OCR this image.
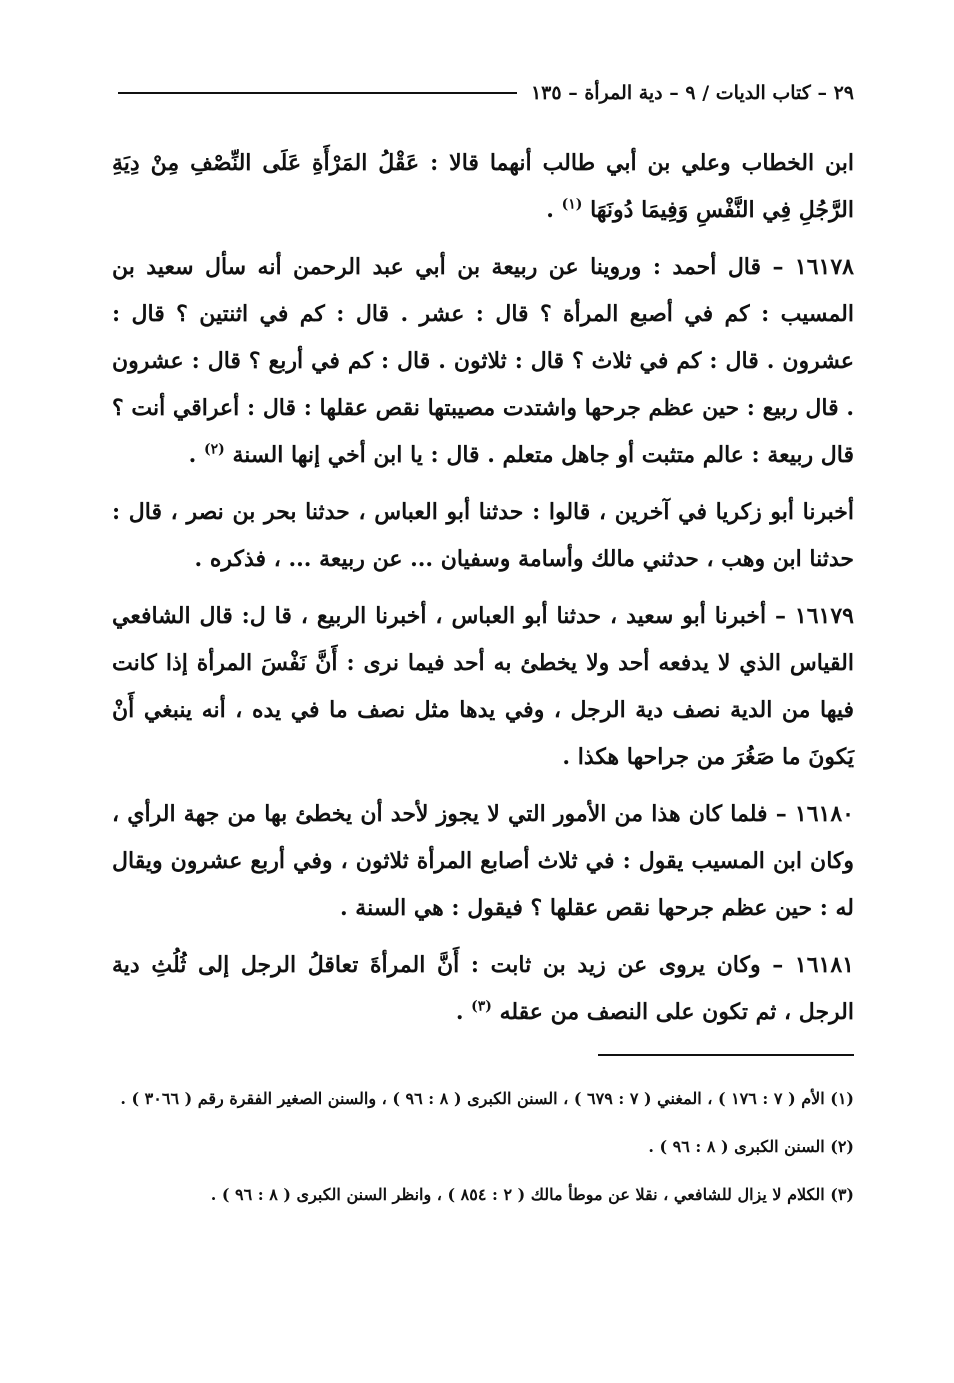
٢٩ – كتاب الديات / ٩ – دية المرأة – ١٣٥

ابن الخطاب وعلي بن أبي طالب أنهما قالا : عَقْلُ المَرْأَةِ عَلَى النِّصْفِ مِنْ دِيَةِ الرَّجُلِ فِي النَّفْسِ وَفِيمَا دُونَهَا $^{(١)}$ .

١٦١٧٨ – قال أحمد : وروينا عن ربيعة بن أبي عبد الرحمن أنه سأل سعيد بن المسيب : كم في أصبع المرأة ؟ قال : عشر . قال : كم في اثنتين ؟ قال : عشرون . قال : كم في ثلاث ؟ قال : ثلاثون . قال : كم في أربع ؟ قال : عشرون . قال ربيع : حين عظم جرحها واشتدت مصيبتها نقص عقلها : قال : أعراقي أنت ؟ قال ربيعة : عالم متثبت أو جاهل متعلم . قال : يا ابن أخي إنها السنة $^{(٢)}$ .

أخبرنا أبو زكريا في آخرين ، قالوا : حدثنا أبو العباس ، حدثنا بحر بن نصر ، قال : حدثنا ابن وهب ، حدثني مالك وأسامة وسفيان ... عن ربيعة ... ، فذكره .

١٦١٧٩ – أخبرنا أبو سعيد ، حدثنا أبو العباس ، أخبرنا الربيع ، قا ل: قال الشافعي القياس الذي لا يدفعه أحد ولا يخطئ به أحد فيما نرى : أَنَّ نَفْسَ المرأة إذا كانت فيها من الدية نصف دية الرجل ، وفي يدها مثل نصف ما في يده ، أنه ينبغي أَنْ يَكونَ ما صَغُرَ من جراحها هكذا .

١٦١٨٠ – فلما كان هذا من الأمور التي لا يجوز لأحد أن يخطئ بها من جهة الرأي ، وكان ابن المسيب يقول : في ثلاث أصابع المرأة ثلاثون ، وفي أربع عشرون ويقال له : حين عظم جرحها نقص عقلها ؟ فيقول : هي السنة .

١٦١٨١ – وكان يروى عن زيد بن ثابت : أَنَّ المرأةَ تعاقلُ الرجل إلى ثُلُثِ دية الرجل ، ثم تكون على النصف من عقله $^{(٣)}$ .

(١) الأم ( ٧ : ١٧٦ ) ، المغني ( ٧ : ٦٧٩ ) ، السنن الكبرى ( ٨ : ٩٦ ) ، والسنن الصغير الفقرة رقم ( ٣٠٦٦ ) .

(٢) السنن الكبرى ( ٨ : ٩٦ ) .

(٣) الكلام لا يزال للشافعي ، نقلا عن موطأ مالك ( ٢ : ٨٥٤ ) ، وانظر السنن الكبرى ( ٨ : ٩٦ ) .
